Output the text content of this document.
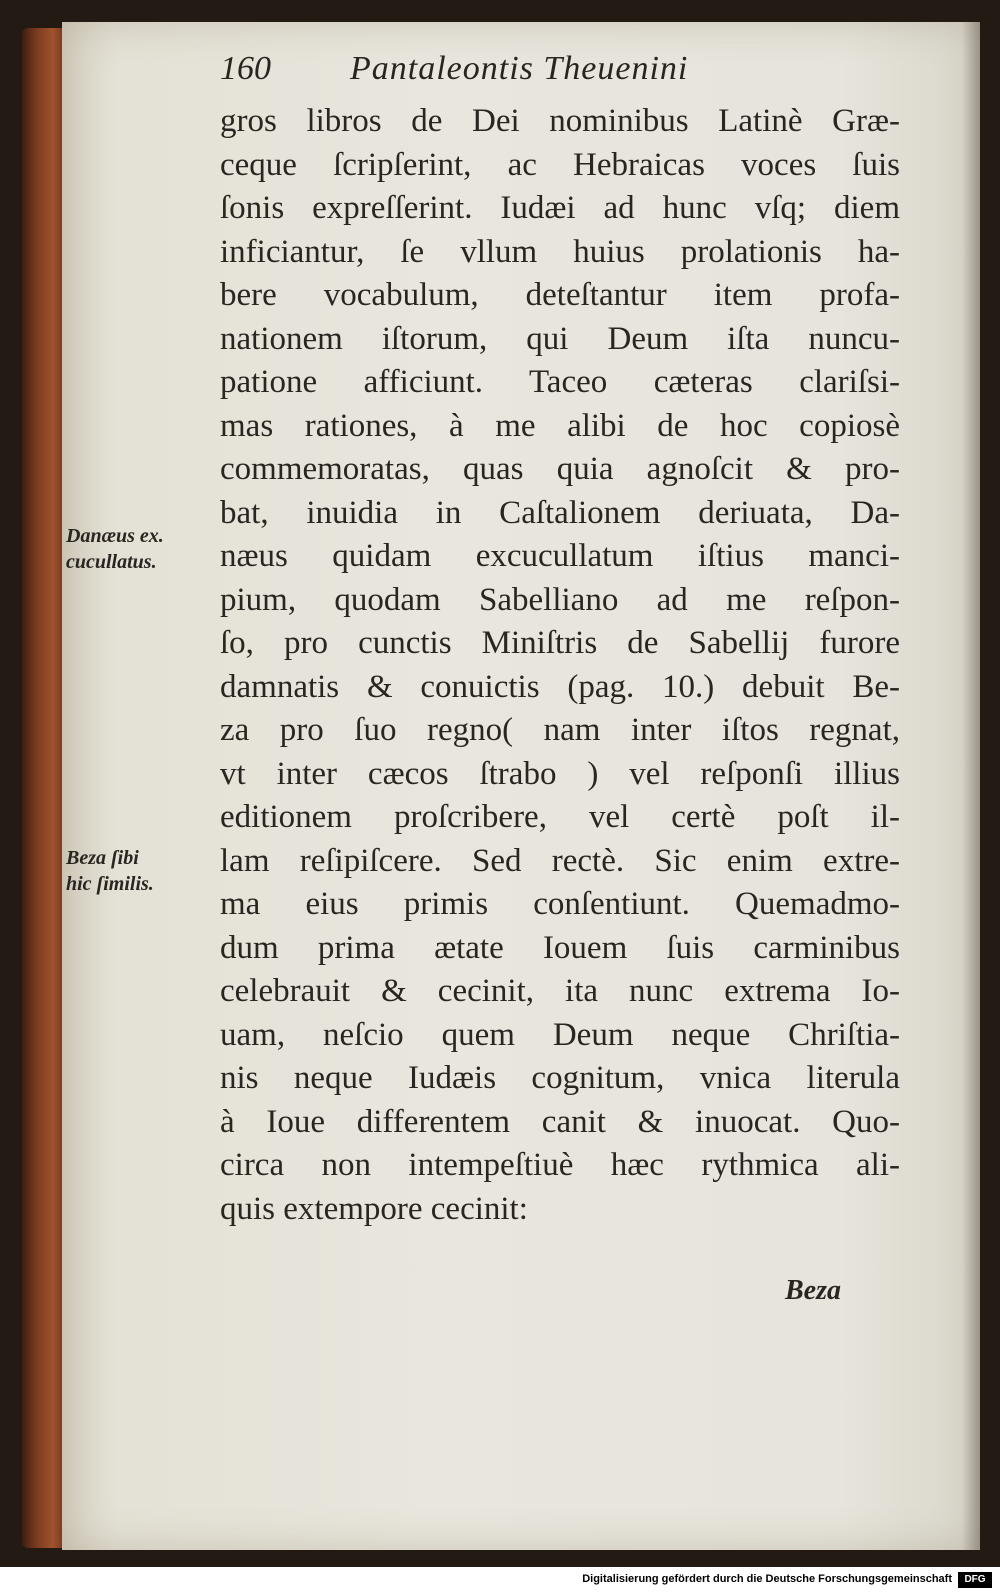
160 Pantaleontis Theuenini
gros libros de Dei nominibus Latinè Græ-
ceque ſcripſerint, ac Hebraicas voces ſuis
ſonis expreſſerint. Iudæi ad hunc vſq; diem
inficiantur, ſe vllum huius prolationis ha-
bere vocabulum, deteſtantur item profa-
nationem iſtorum, qui Deum iſta nuncu-
patione afficiunt. Taceo cæteras clariſsi-
mas rationes, à me alibi de hoc copiosè
commemoratas, quas quia agnoſcit & pro-
bat, inuidia in Caſtalionem deriuata, Da-
næus quidam excucullatum iſtius manci-
pium, quodam Sabelliano ad me reſpon-
ſo, pro cunctis Miniſtris de Sabellij furore
damnatis & conuictis (pag. 10.) debuit Be-
za pro ſuo regno( nam inter iſtos regnat,
vt inter cæcos ſtrabo ) vel reſponſi illius
editionem proſcribere, vel certè poſt il-
lam reſipiſcere. Sed rectè. Sic enim extre-
ma eius primis conſentiunt. Quemadmo-
dum prima ætate Iouem ſuis carminibus
celebrauit & cecinit, ita nunc extrema Io-
uam, neſcio quem Deum neque Chriſtia-
nis neque Iudæis cognitum, vnica literula
à Ioue differentem canit & inuocat. Quo-
circa non intempeſtiuè hæc rythmica ali-
quis extempore cecinit:
Danæus ex.
cucullatus.
Beza ſibi
hic ſimilis.
Beza
Digitalisierung gefördert durch die Deutsche Forschungsgemeinschaft	DFG
